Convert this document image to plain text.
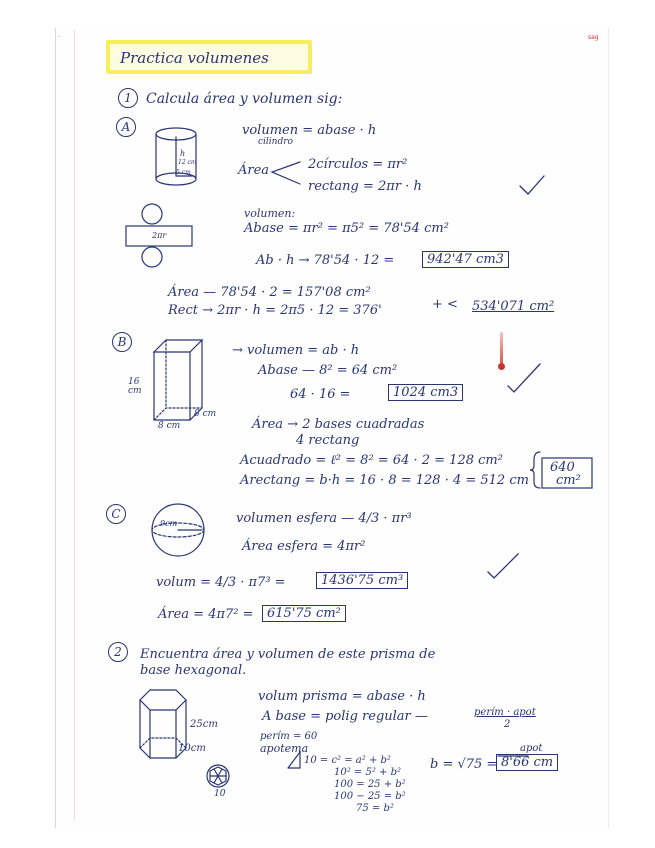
·	sag
Practica volumenes
1	Calcula área y volumen sig:
A
h
12 cm
5 cm
volumen = abase · h
cilindro
Área	2círculos = πr²
rectang = 2πr · h
2πr
volumen:
Abase = πr² = π5² = 78'54 cm²
Ab · h → 78'54 · 12 =	942'47 cm3
Área — 78'54 · 2 = 157'08 cm²
Rect → 2πr · h = 2π5 · 12 = 376'	+ < 534'071 cm²
B
16 cm
8 cm
8 cm
→ volumen = ab · h
Abase — 8² = 64 cm²
64 · 16 =	1024 cm3
Área → 2 bases cuadradas
4 rectang
Acuadrado = ℓ² = 8² = 64 · 2 = 128 cm²
Arectang = b·h = 16 · 8 = 128 · 4 = 512 cm
640
cm²
C
9cm	volumen esfera — 4/3 · πr³
Área esfera = 4πr²
volum = 4/3 · π7³ =	1436'75 cm³
Área = 4π7² =	615'75 cm²
2	Encuentra área y volumen de este prisma de
base hexagonal.
25cm
10cm
10
volum prisma = abase · h
A base = polig regular —	perím · apot
2
perím = 60
apotema
10 = c² = a² + b²
10² = 5² + b²
100 = 25 + b²
100 − 25 = b²
75 = b²
b = √75 =
apot
8'66 cm
